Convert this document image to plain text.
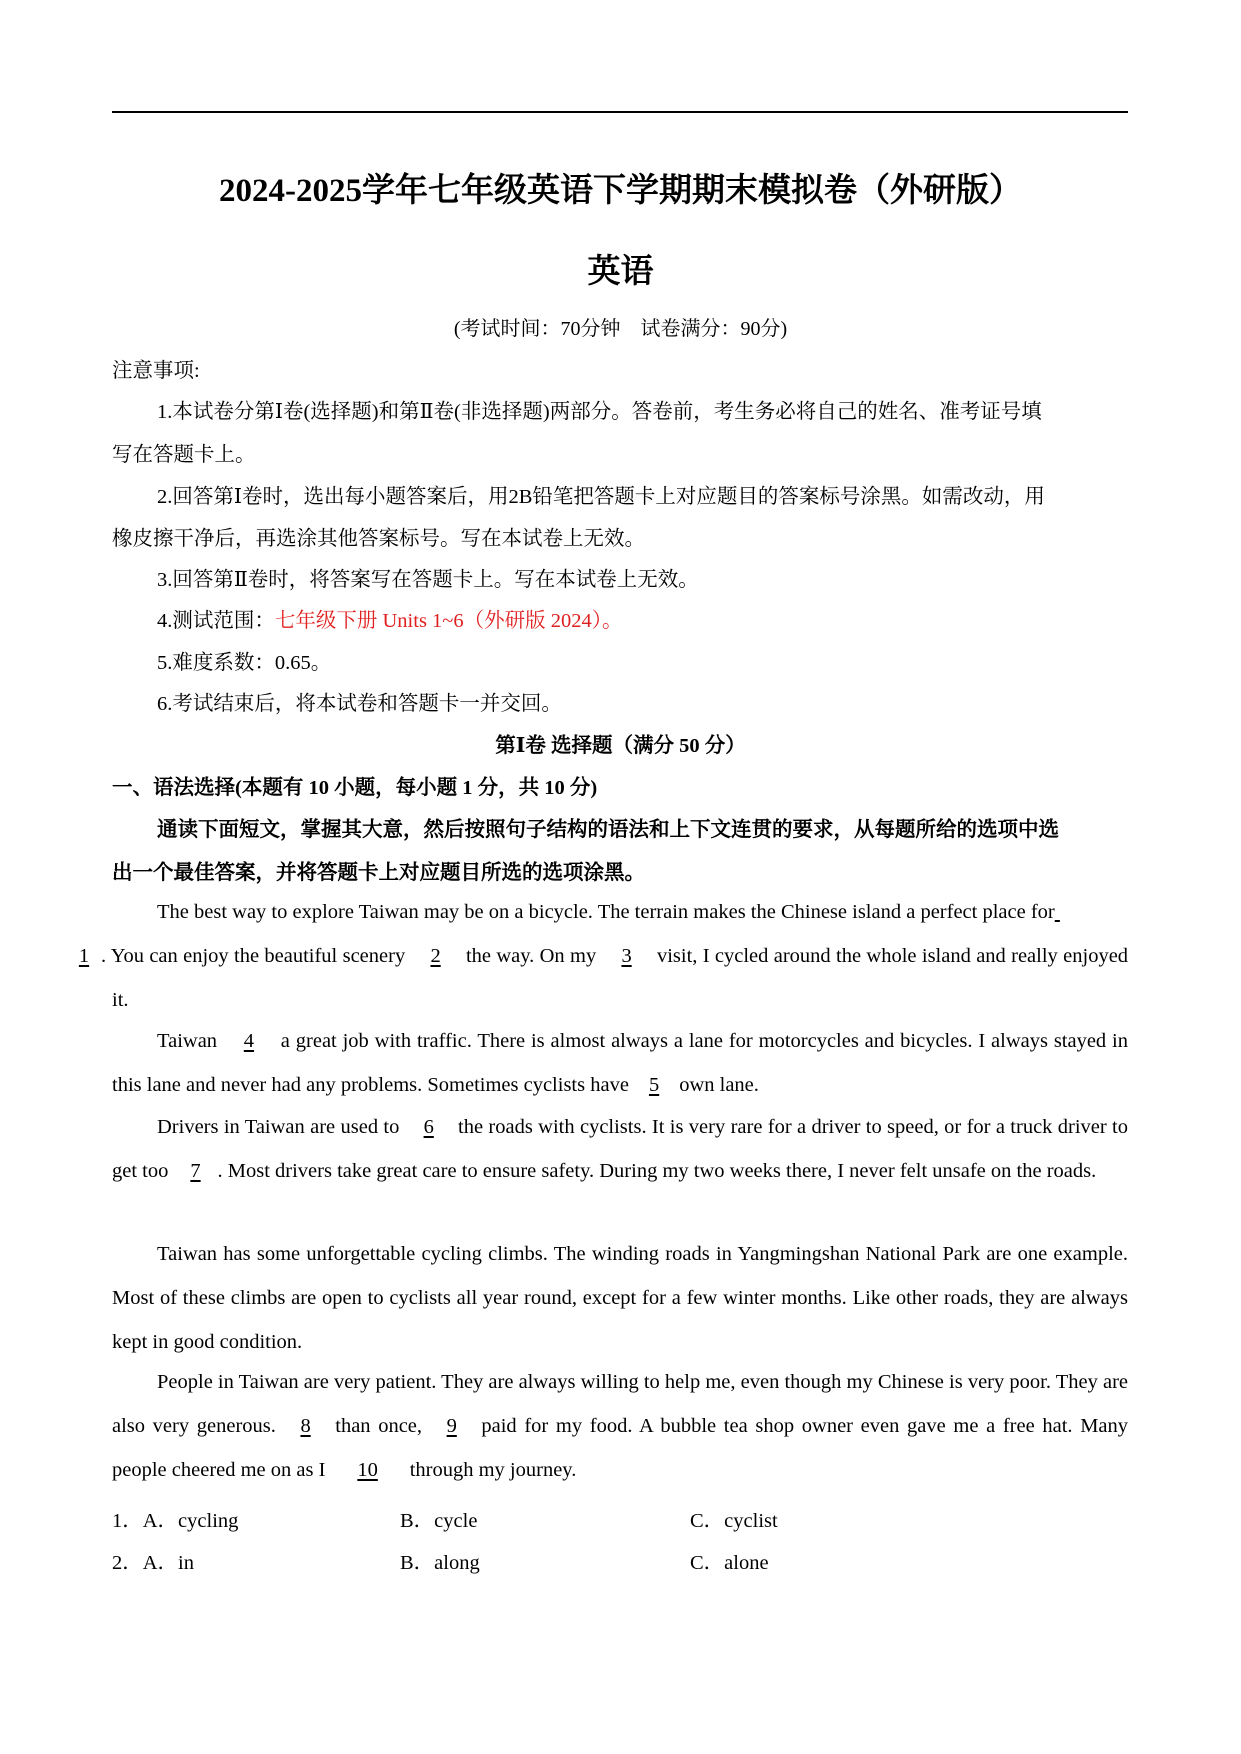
2024-2025学年七年级英语下学期期末模拟卷（外研版）
英语
(考试时间：70分钟　试卷满分：90分)
注意事项:
1.本试卷分第Ⅰ卷(选择题)和第Ⅱ卷(非选择题)两部分。答卷前，考生务必将自己的姓名、准考证号填
写在答题卡上。
2.回答第Ⅰ卷时，选出每小题答案后，用2B铅笔把答题卡上对应题目的答案标号涂黑。如需改动，用
橡皮擦干净后，再选涂其他答案标号。写在本试卷上无效。
3.回答第Ⅱ卷时，将答案写在答题卡上。写在本试卷上无效。
4.测试范围：七年级下册 Units 1~6（外研版 2024）。
5.难度系数：0.65。
6.考试结束后，将本试卷和答题卡一并交回。
第Ⅰ卷 选择题（满分 50 分）
一、语法选择(本题有 10 小题，每小题 1 分，共 10 分)
通读下面短文，掌握其大意，然后按照句子结构的语法和上下文连贯的要求，从每题所给的选项中选
出一个最佳答案，并将答题卡上对应题目所选的选项涂黑。
The best way to explore Taiwan may be on a bicycle. The terrain makes the Chinese island a perfect place for
1 . You can enjoy the beautiful scenery 2 the way. On my 3 visit, I cycled around the whole island and really enjoyed it.
Taiwan 4 a great job with traffic. There is almost always a lane for motorcycles and bicycles. I always stayed in this lane and never had any problems. Sometimes cyclists have 5 own lane.
Drivers in Taiwan are used to 6 the roads with cyclists. It is very rare for a driver to speed, or for a truck driver to get too 7 . Most drivers take great care to ensure safety. During my two weeks there, I never felt unsafe on the roads.
Taiwan has some unforgettable cycling climbs. The winding roads in Yangmingshan National Park are one example. Most of these climbs are open to cyclists all year round, except for a few winter months. Like other roads, they are always kept in good condition.
People in Taiwan are very patient. They are always willing to help me, even though my Chinese is very poor. They are also very generous. 8 than once, 9 paid for my food. A bubble tea shop owner even gave me a free hat. Many people cheered me on as I 10 through my journey.
1．A．cycling	B．cycle	C．cyclist
2．A．in	B．along	C．alone
